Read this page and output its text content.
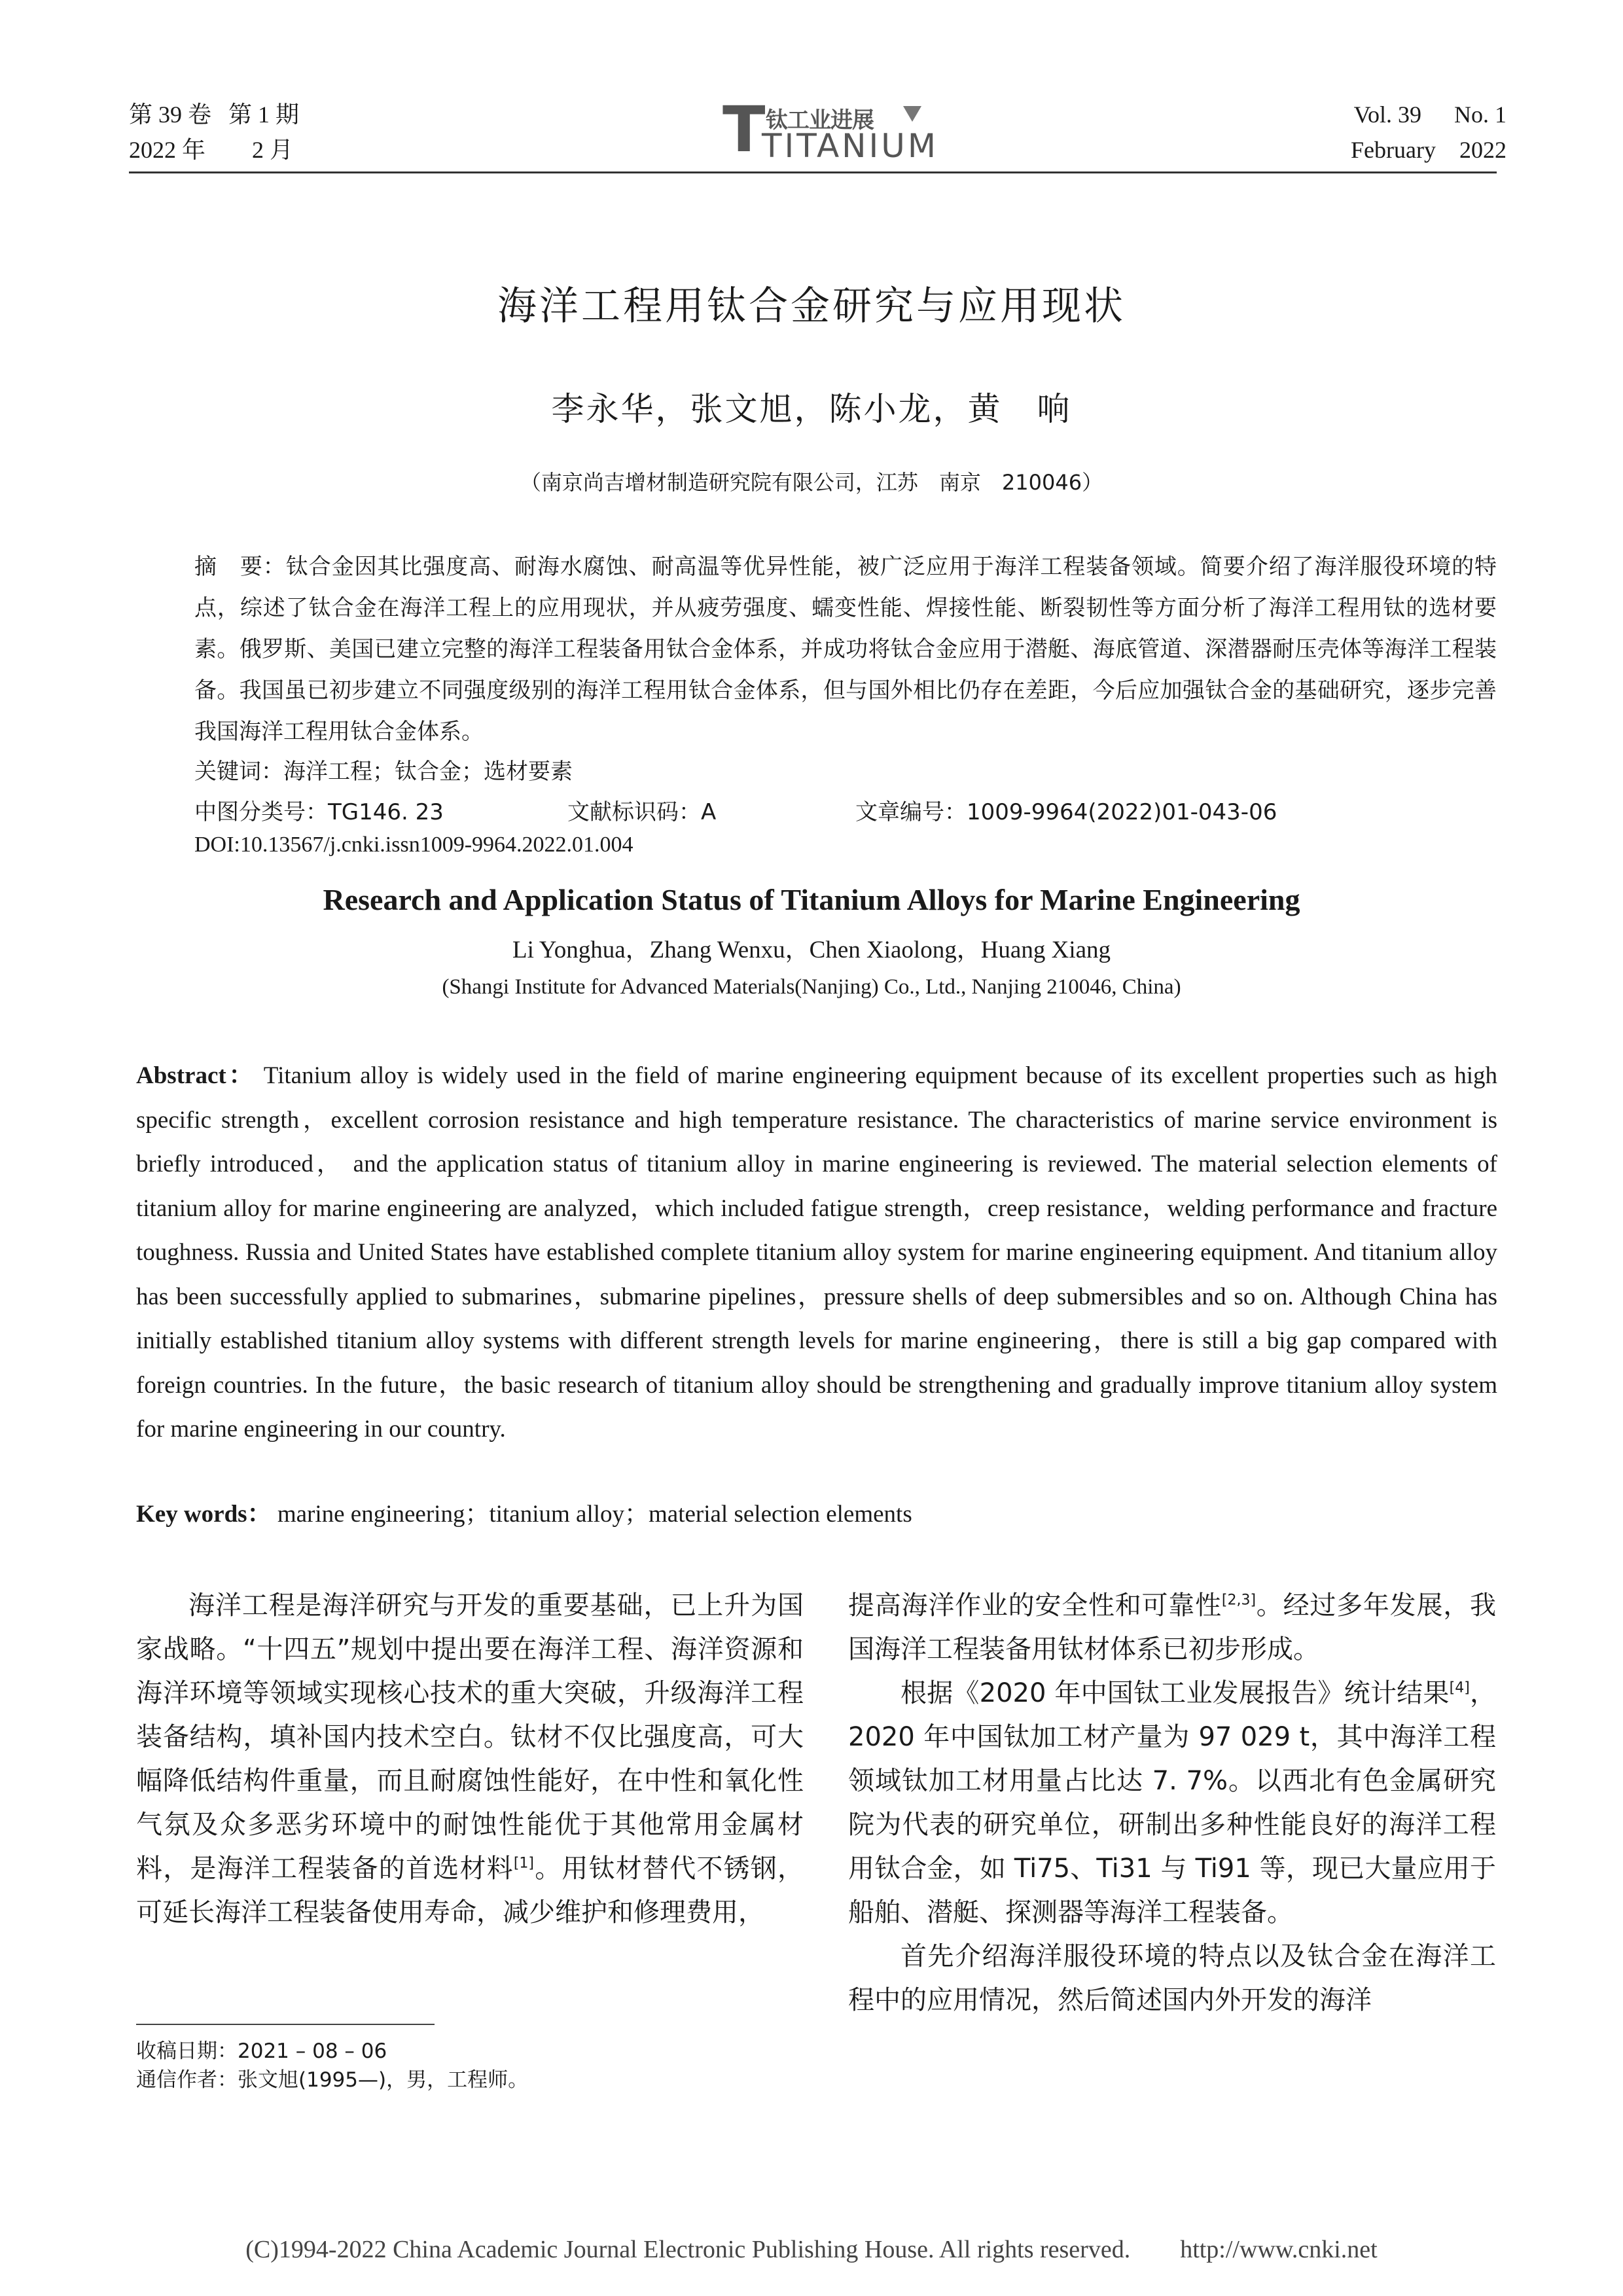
第 39 卷 第 1 期
2022 年 2 月	T 钛工业进展
TITANIUM
Vol. 39 No. 1
February 2022
海洋工程用钛合金研究与应用现状
李永华，张文旭，陈小龙，黄　响
（南京尚吉增材制造研究院有限公司，江苏　南京　210046）
摘　要：钛合金因其比强度高、耐海水腐蚀、耐高温等优异性能，被广泛应用于海洋工程装备领域。简要介绍了海洋服役环境的特点，综述了钛合金在海洋工程上的应用现状，并从疲劳强度、蠕变性能、焊接性能、断裂韧性等方面分析了海洋工程用钛的选材要素。俄罗斯、美国已建立完整的海洋工程装备用钛合金体系，并成功将钛合金应用于潜艇、海底管道、深潜器耐压壳体等海洋工程装备。我国虽已初步建立不同强度级别的海洋工程用钛合金体系，但与国外相比仍存在差距，今后应加强钛合金的基础研究，逐步完善我国海洋工程用钛合金体系。
关键词：海洋工程；钛合金；选材要素
中图分类号：TG146. 23	文献标识码：A	文章编号：1009-9964(2022)01-043-06
DOI:10.13567/j.cnki.issn1009-9964.2022.01.004
Research and Application Status of Titanium Alloys for Marine Engineering
Li Yonghua，Zhang Wenxu，Chen Xiaolong，Huang Xiang
(Shangi Institute for Advanced Materials(Nanjing) Co., Ltd., Nanjing 210046, China)
Abstract： Titanium alloy is widely used in the field of marine engineering equipment because of its excellent properties such as high specific strength，excellent corrosion resistance and high temperature resistance. The characteristics of marine service environment is briefly introduced， and the application status of titanium alloy in marine engineering is reviewed. The material selection elements of titanium alloy for marine engineering are analyzed，which included fatigue strength，creep resistance，welding performance and fracture toughness. Russia and United States have established complete titanium alloy system for marine engineering equipment. And titanium alloy has been successfully applied to submarines，submarine pipelines，pressure shells of deep submersibles and so on. Although China has initially established titanium alloy systems with different strength levels for marine engineering，there is still a big gap compared with foreign countries. In the future，the basic research of titanium alloy should be strengthening and gradually improve titanium alloy system for marine engineering in our country.
Key words： marine engineering；titanium alloy；material selection elements

海洋工程是海洋研究与开发的重要基础，已上升为国家战略。“十四五”规划中提出要在海洋工程、海洋资源和海洋环境等领域实现核心技术的重大突破，升级海洋工程装备结构，填补国内技术空白。钛材不仅比强度高，可大幅降低结构件重量，而且耐腐蚀性能好，在中性和氧化性气氛及众多恶劣环境中的耐蚀性能优于其他常用金属材料，是海洋工程装备的首选材料[1]。用钛材替代不锈钢，可延长海洋工程装备使用寿命，减少维护和修理费用，

提高海洋作业的安全性和可靠性[2,3]。经过多年发展，我国海洋工程装备用钛材体系已初步形成。

根据《2020 年中国钛工业发展报告》统计结果[4]，2020 年中国钛加工材产量为 97 029 t，其中海洋工程领域钛加工材用量占比达 7. 7%。以西北有色金属研究院为代表的研究单位，研制出多种性能良好的海洋工程用钛合金，如 Ti75、Ti31 与 Ti91 等，现已大量应用于船舶、潜艇、探测器等海洋工程装备。

首先介绍海洋服役环境的特点以及钛合金在海洋工程中的应用情况，然后简述国内外开发的海洋

收稿日期：2021 – 08 – 06
通信作者：张文旭(1995—)，男，工程师。
(C)1994-2022 China Academic Journal Electronic Publishing House. All rights reserved.　　http://www.cnki.net
